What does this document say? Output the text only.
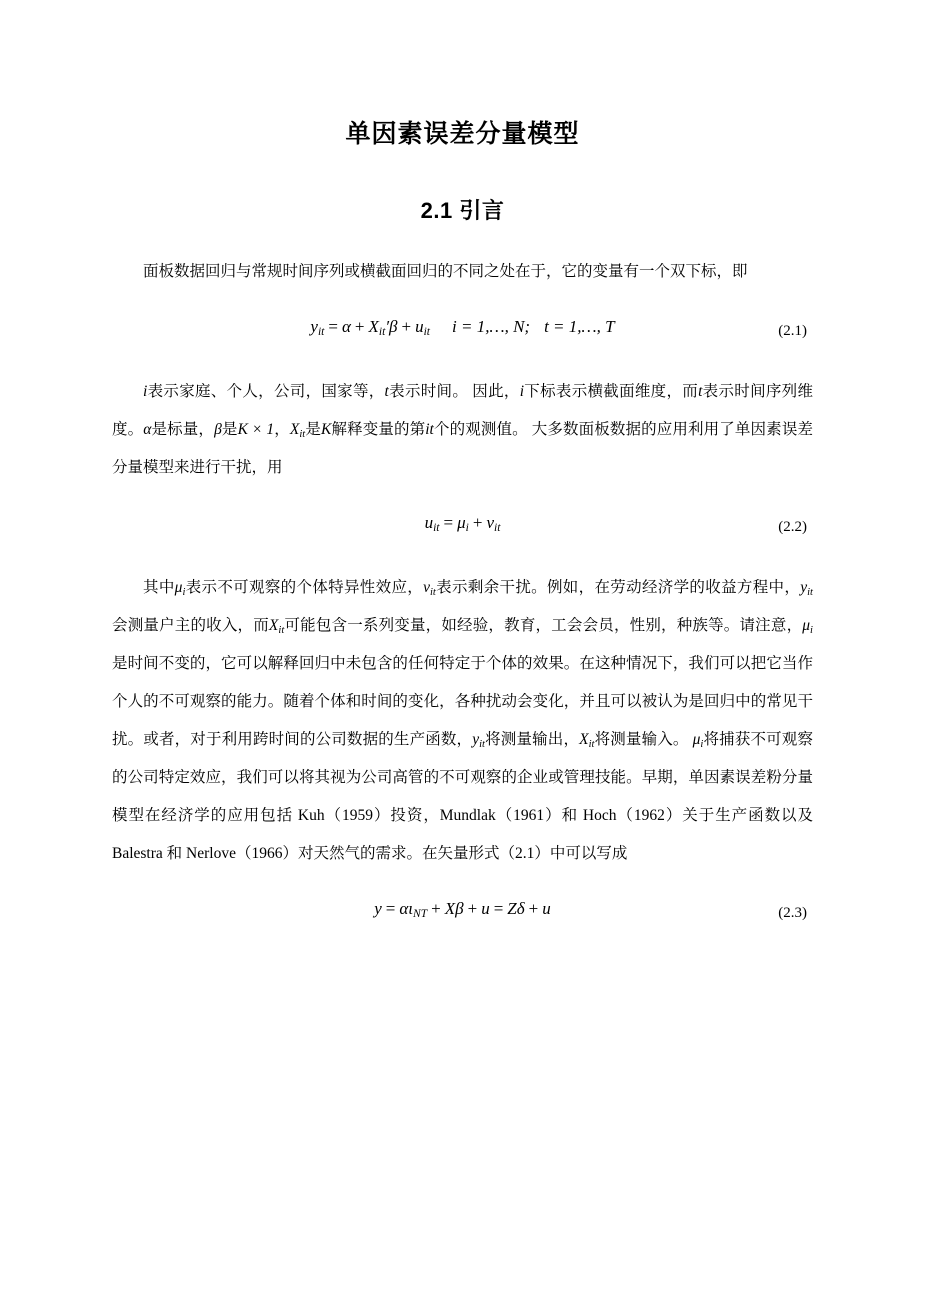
单因素误差分量模型
2.1 引言

面板数据回归与常规时间序列或横截面回归的不同之处在于，它的变量有一个双下标，即

$y_{it} = \alpha + X_{it}'\beta + u_{it}$ i = 1,…, N; t = 1,…, T	(2.1)

i表示家庭、个人，公司，国家等，t表示时间。 因此，i下标表示横截面维度，而t表示时间序列维度。α是标量，β是K × 1，$X_{it}$是K解释变量的第it个的观测值。 大多数面板数据的应用利用了单因素误差分量模型来进行干扰，用

$u_{it} = \mu_i + v_{it}$	(2.2)

其中$\mu_i$表示不可观察的个体特异性效应，$v_{it}$表示剩余干扰。例如，在劳动经济学的收益方程中，$y_{it}$会测量户主的收入，而$X_{it}$可能包含一系列变量，如经验，教育，工会会员，性别，种族等。请注意，$\mu_i$是时间不变的，它可以解释回归中未包含的任何特定于个体的效果。在这种情况下，我们可以把它当作个人的不可观察的能力。随着个体和时间的变化，各种扰动会变化，并且可以被认为是回归中的常见干扰。或者，对于利用跨时间的公司数据的生产函数，$y_{it}$将测量输出，$X_{it}$将测量输入。 $\mu_i$将捕获不可观察的公司特定效应，我们可以将其视为公司高管的不可观察的企业或管理技能。早期，单因素误差粉分量模型在经济学的应用包括 Kuh（1959）投资，Mundlak（1961）和 Hoch（1962）关于生产函数以及 Balestra 和 Nerlove（1966）对天然气的需求。在矢量形式（2.1）中可以写成

$y = \alpha\iota_{NT} + X\beta + u = Z\delta + u$	(2.3)
